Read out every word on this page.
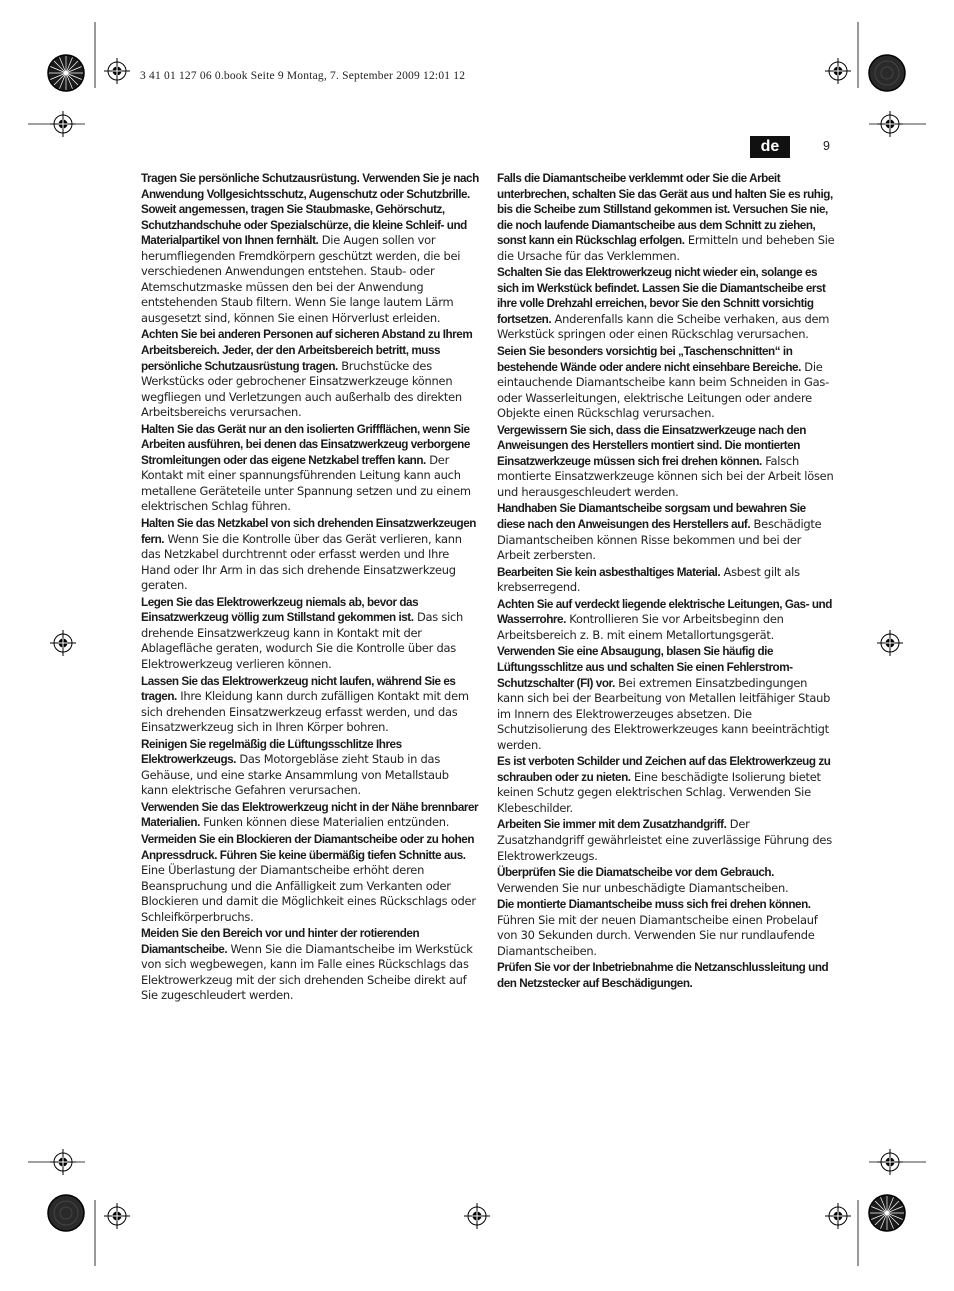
3 41 01 127 06 0.book Seite 9 Montag, 7. September 2009 12:01 12
de	9
Tragen Sie persönliche Schutzausrüstung. Verwenden Sie je nach Anwendung Vollgesichtsschutz, Augenschutz oder Schutzbrille. Soweit angemessen, tragen Sie Staubmaske, Gehörschutz, Schutzhandschuhe oder Spezialschürze, die kleine Schleif- und Materialpartikel von Ihnen fernhält. Die Augen sollen vor herumfliegenden Fremdkörpern geschützt werden, die bei verschiedenen Anwendungen entstehen. Staub- oder Atemschutzmaske müssen den bei der Anwendung entstehenden Staub filtern. Wenn Sie lange lautem Lärm ausgesetzt sind, können Sie einen Hörverlust erleiden.
Achten Sie bei anderen Personen auf sicheren Abstand zu Ihrem Arbeitsbereich. Jeder, der den Arbeitsbereich betritt, muss persönliche Schutzausrüstung tragen. Bruchstücke des Werkstücks oder gebrochener Einsatzwerkzeuge können wegfliegen und Verletzungen auch außerhalb des direkten Arbeitsbereichs verursachen.
Halten Sie das Gerät nur an den isolierten Griffflächen, wenn Sie Arbeiten ausführen, bei denen das Einsatzwerkzeug verborgene Stromleitungen oder das eigene Netzkabel treffen kann. Der Kontakt mit einer spannungsführenden Leitung kann auch metallene Geräteteile unter Spannung setzen und zu einem elektrischen Schlag führen.
Halten Sie das Netzkabel von sich drehenden Einsatzwerkzeugen fern. Wenn Sie die Kontrolle über das Gerät verlieren, kann das Netzkabel durchtrennt oder erfasst werden und Ihre Hand oder Ihr Arm in das sich drehende Einsatzwerkzeug geraten.
Legen Sie das Elektrowerkzeug niemals ab, bevor das Einsatzwerkzeug völlig zum Stillstand gekommen ist. Das sich drehende Einsatzwerkzeug kann in Kontakt mit der Ablagefläche geraten, wodurch Sie die Kontrolle über das Elektrowerkzeug verlieren können.
Lassen Sie das Elektrowerkzeug nicht laufen, während Sie es tragen. Ihre Kleidung kann durch zufälligen Kontakt mit dem sich drehenden Einsatzwerkzeug erfasst werden, und das Einsatzwerkzeug sich in Ihren Körper bohren.
Reinigen Sie regelmäßig die Lüftungsschlitze Ihres Elektrowerkzeugs. Das Motorgebläse zieht Staub in das Gehäuse, und eine starke Ansammlung von Metallstaub kann elektrische Gefahren verursachen.
Verwenden Sie das Elektrowerkzeug nicht in der Nähe brennbarer Materialien. Funken können diese Materialien entzünden.
Vermeiden Sie ein Blockieren der Diamantscheibe oder zu hohen Anpressdruck. Führen Sie keine übermäßig tiefen Schnitte aus. Eine Überlastung der Diamantscheibe erhöht deren Beanspruchung und die Anfälligkeit zum Verkanten oder Blockieren und damit die Möglichkeit eines Rückschlags oder Schleifkörperbruchs.
Meiden Sie den Bereich vor und hinter der rotierenden Diamantscheibe. Wenn Sie die Diamantscheibe im Werkstück von sich wegbewegen, kann im Falle eines Rückschlags das Elektrowerkzeug mit der sich drehenden Scheibe direkt auf Sie zugeschleudert werden.
Falls die Diamantscheibe verklemmt oder Sie die Arbeit unterbrechen, schalten Sie das Gerät aus und halten Sie es ruhig, bis die Scheibe zum Stillstand gekommen ist. Versuchen Sie nie, die noch laufende Diamantscheibe aus dem Schnitt zu ziehen, sonst kann ein Rückschlag erfolgen. Ermitteln und beheben Sie die Ursache für das Verklemmen.
Schalten Sie das Elektrowerkzeug nicht wieder ein, solange es sich im Werkstück befindet. Lassen Sie die Diamantscheibe erst ihre volle Drehzahl erreichen, bevor Sie den Schnitt vorsichtig fortsetzen. Anderenfalls kann die Scheibe verhaken, aus dem Werkstück springen oder einen Rückschlag verursachen.
Seien Sie besonders vorsichtig bei „Taschenschnitten“ in bestehende Wände oder andere nicht einsehbare Bereiche. Die eintauchende Diamantscheibe kann beim Schneiden in Gas- oder Wasserleitungen, elektrische Leitungen oder andere Objekte einen Rückschlag verursachen.
Vergewissern Sie sich, dass die Einsatzwerkzeuge nach den Anweisungen des Herstellers montiert sind. Die montierten Einsatzwerkzeuge müssen sich frei drehen können. Falsch montierte Einsatzwerkzeuge können sich bei der Arbeit lösen und herausgeschleudert werden.
Handhaben Sie Diamantscheibe sorgsam und bewahren Sie diese nach den Anweisungen des Herstellers auf. Beschädigte Diamantscheiben können Risse bekommen und bei der Arbeit zerbersten.
Bearbeiten Sie kein asbesthaltiges Material. Asbest gilt als krebserregend.
Achten Sie auf verdeckt liegende elektrische Leitungen, Gas- und Wasserrohre. Kontrollieren Sie vor Arbeitsbeginn den Arbeitsbereich z. B. mit einem Metallortungsgerät.
Verwenden Sie eine Absaugung, blasen Sie häufig die Lüftungsschlitze aus und schalten Sie einen Fehlerstrom-Schutzschalter (FI) vor. Bei extremen Einsatzbedingungen kann sich bei der Bearbeitung von Metallen leitfähiger Staub im Innern des Elektrowerzeuges absetzen. Die Schutzisolierung des Elektrowerkzeuges kann beeinträchtigt werden.
Es ist verboten Schilder und Zeichen auf das Elektrowerkzeug zu schrauben oder zu nieten. Eine beschädigte Isolierung bietet keinen Schutz gegen elektrischen Schlag. Verwenden Sie Klebeschilder.
Arbeiten Sie immer mit dem Zusatzhandgriff. Der Zusatzhandgriff gewährleistet eine zuverlässige Führung des Elektrowerkzeugs.
Überprüfen Sie die Diamatscheibe vor dem Gebrauch. Verwenden Sie nur unbeschädigte Diamantscheiben.
Die montierte Diamantscheibe muss sich frei drehen können. Führen Sie mit der neuen Diamantscheibe einen Probelauf von 30 Sekunden durch. Verwenden Sie nur rundlaufende Diamantscheiben.
Prüfen Sie vor der Inbetriebnahme die Netzanschlussleitung und den Netzstecker auf Beschädigungen.
